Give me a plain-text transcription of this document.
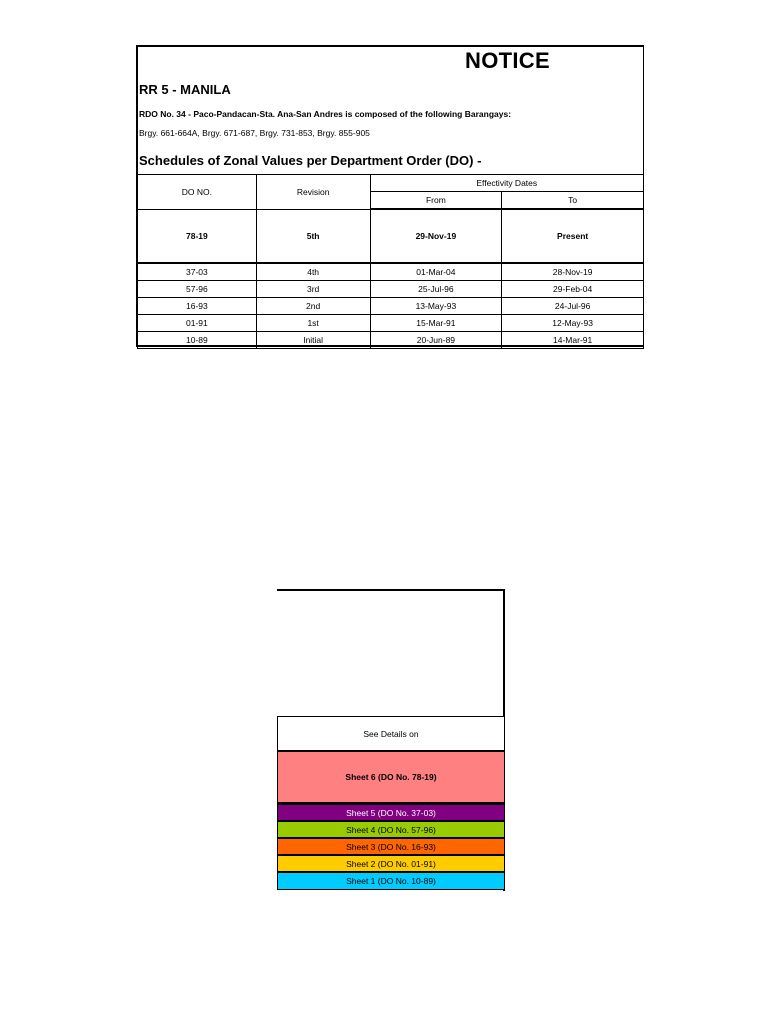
NOTICE
RR 5 - MANILA
RDO No. 34 - Paco-Pandacan-Sta. Ana-San Andres is composed of the following Barangays:
Brgy. 661-664A, Brgy. 671-687, Brgy. 731-853, Brgy. 855-905
Schedules of Zonal Values per Department Order (DO) -
DO NO.	Revision	Effectivity Dates	
		From	To
78-19	5th	29-Nov-19	Present
37-03	4th	01-Mar-04	28-Nov-19
57-96	3rd	25-Jul-96	29-Feb-04
16-93	2nd	13-May-93	24-Jul-96
01-91	1st	15-Mar-91	12-May-93
10-89	Initial	20-Jun-89	14-Mar-91
See Details on
Sheet 6 (DO No. 78-19)
Sheet 5 (DO No. 37-03)
Sheet 4 (DO No. 57-96)
Sheet 3 (DO No. 16-93)
Sheet 2 (DO No. 01-91)
Sheet 1 (DO No. 10-89)
